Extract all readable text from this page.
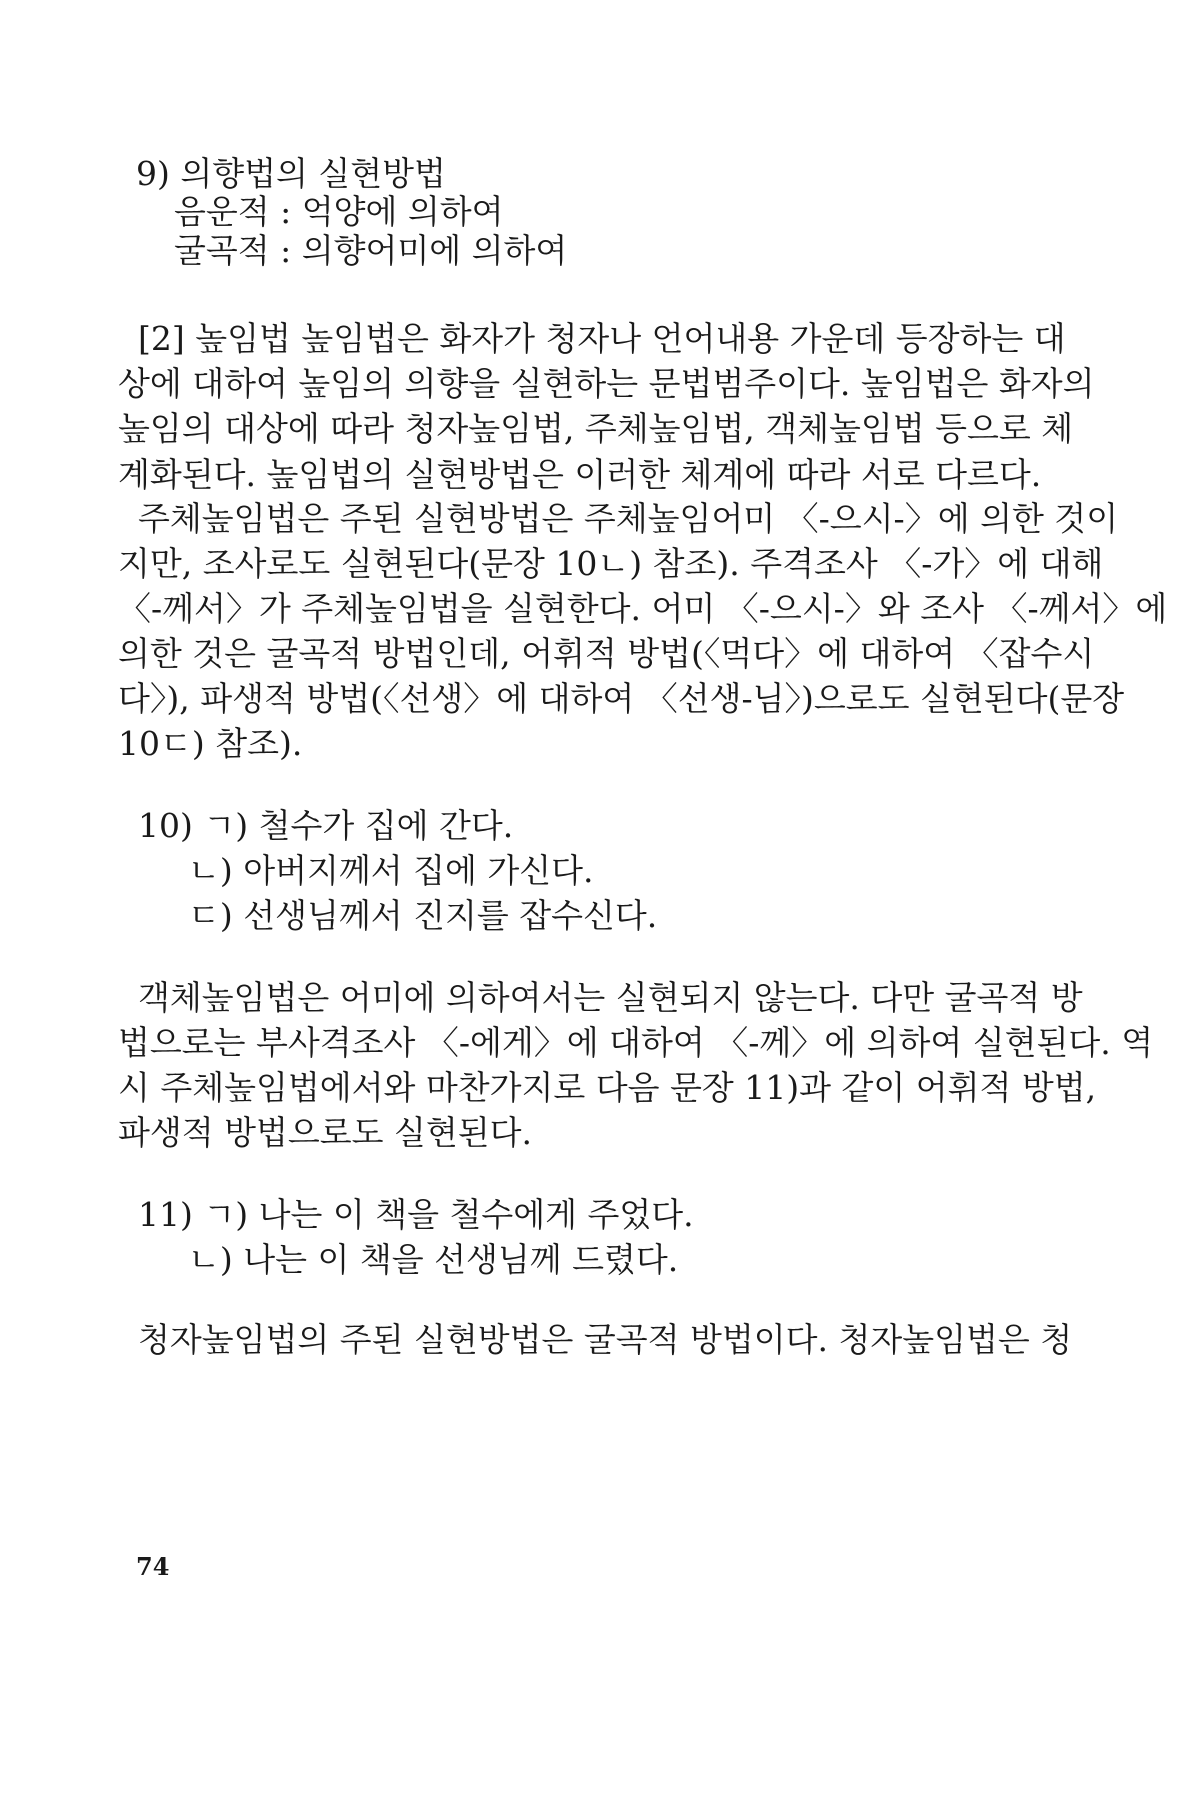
9) 의향법의 실현방법
음운적 : 억양에 의하여
굴곡적 : 의향어미에 의하여
[2] 높임법 높임법은 화자가 청자나 언어내용 가운데 등장하는 대
상에 대하여 높임의 의향을 실현하는 문법범주이다. 높임법은 화자의
높임의 대상에 따라 청자높임법, 주체높임법, 객체높임법 등으로 체
계화된다. 높임법의 실현방법은 이러한 체계에 따라 서로 다르다.
주체높임법은 주된 실현방법은 주체높임어미 〈-으시-〉에 의한 것이
지만, 조사로도 실현된다(문장 10ㄴ) 참조). 주격조사 〈-가〉에 대해
〈-께서〉가 주체높임법을 실현한다. 어미 〈-으시-〉와 조사 〈-께서〉에
의한 것은 굴곡적 방법인데, 어휘적 방법(〈먹다〉에 대하여 〈잡수시
다〉), 파생적 방법(〈선생〉에 대하여 〈선생-님〉)으로도 실현된다(문장
10ㄷ) 참조).
10) ㄱ) 철수가 집에 간다.
ㄴ) 아버지께서 집에 가신다.
ㄷ) 선생님께서 진지를 잡수신다.
객체높임법은 어미에 의하여서는 실현되지 않는다. 다만 굴곡적 방
법으로는 부사격조사 〈-에게〉에 대하여 〈-께〉에 의하여 실현된다. 역
시 주체높임법에서와 마찬가지로 다음 문장 11)과 같이 어휘적 방법,
파생적 방법으로도 실현된다.
11) ㄱ) 나는 이 책을 철수에게 주었다.
ㄴ) 나는 이 책을 선생님께 드렸다.
청자높임법의 주된 실현방법은 굴곡적 방법이다. 청자높임법은 청
74
